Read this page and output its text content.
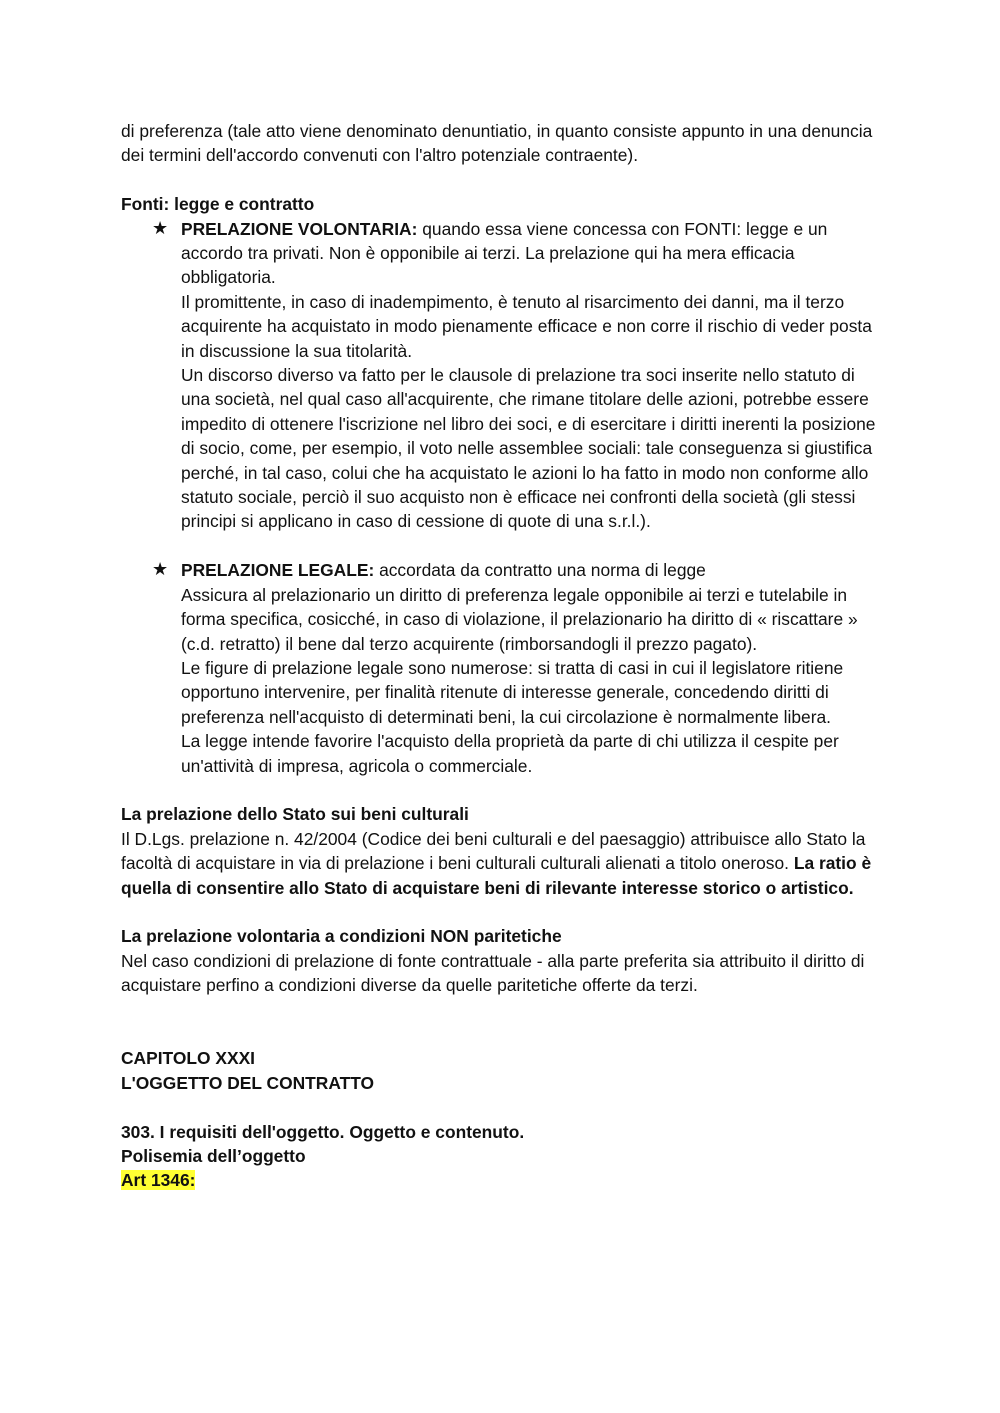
di preferenza (tale atto viene denominato denuntiatio, in quanto consiste appunto in una denuncia dei termini dell'accordo convenuti con l'altro potenziale contraente).

Fonti: legge e contratto

★ PRELAZIONE VOLONTARIA: quando essa viene concessa con FONTI: legge e un accordo tra privati. Non è opponibile ai terzi. La prelazione qui ha mera efficacia obbligatoria.

Il promittente, in caso di inadempimento, è tenuto al risarcimento dei danni, ma il terzo acquirente ha acquistato in modo pienamente efficace e non corre il rischio di veder posta in discussione la sua titolarità.

Un discorso diverso va fatto per le clausole di prelazione tra soci inserite nello statuto di una società, nel qual caso all'acquirente, che rimane titolare delle azioni, potrebbe essere impedito di ottenere l'iscrizione nel libro dei soci, e di esercitare i diritti inerenti la posizione di socio, come, per esempio, il voto nelle assemblee sociali: tale conseguenza si giustifica perché, in tal caso, colui che ha acquistato le azioni lo ha fatto in modo non conforme allo statuto sociale, perciò il suo acquisto non è efficace nei confronti della società (gli stessi principi si applicano in caso di cessione di quote di una s.r.l.).

★ PRELAZIONE LEGALE: accordata da contratto una norma di legge

Assicura al prelazionario un diritto di preferenza legale opponibile ai terzi e tutelabile in forma specifica, cosicché, in caso di violazione, il prelazionario ha diritto di « riscattare » (c.d. retratto) il bene dal terzo acquirente (rimborsandogli il prezzo pagato).

Le figure di prelazione legale sono numerose: si tratta di casi in cui il legislatore ritiene opportuno intervenire, per finalità ritenute di interesse generale, concedendo diritti di preferenza nell'acquisto di determinati beni, la cui circolazione è normalmente libera.

La legge intende favorire l'acquisto della proprietà da parte di chi utilizza il cespite per un'attività di impresa, agricola o commerciale.

La prelazione dello Stato sui beni culturali

Il D.Lgs. prelazione n. 42/2004 (Codice dei beni culturali e del paesaggio) attribuisce allo Stato la facoltà di acquistare in via di prelazione i beni culturali culturali alienati a titolo oneroso. La ratio è quella di consentire allo Stato di acquistare beni di rilevante interesse storico o artistico.

La prelazione volontaria a condizioni NON paritetiche

Nel caso condizioni di prelazione di fonte contrattuale - alla parte preferita sia attribuito il diritto di acquistare perfino a condizioni diverse da quelle paritetiche offerte da terzi.

CAPITOLO XXXI

L'OGGETTO DEL CONTRATTO

303. I requisiti dell'oggetto. Oggetto e contenuto.

Polisemia dell’oggetto

Art 1346:
